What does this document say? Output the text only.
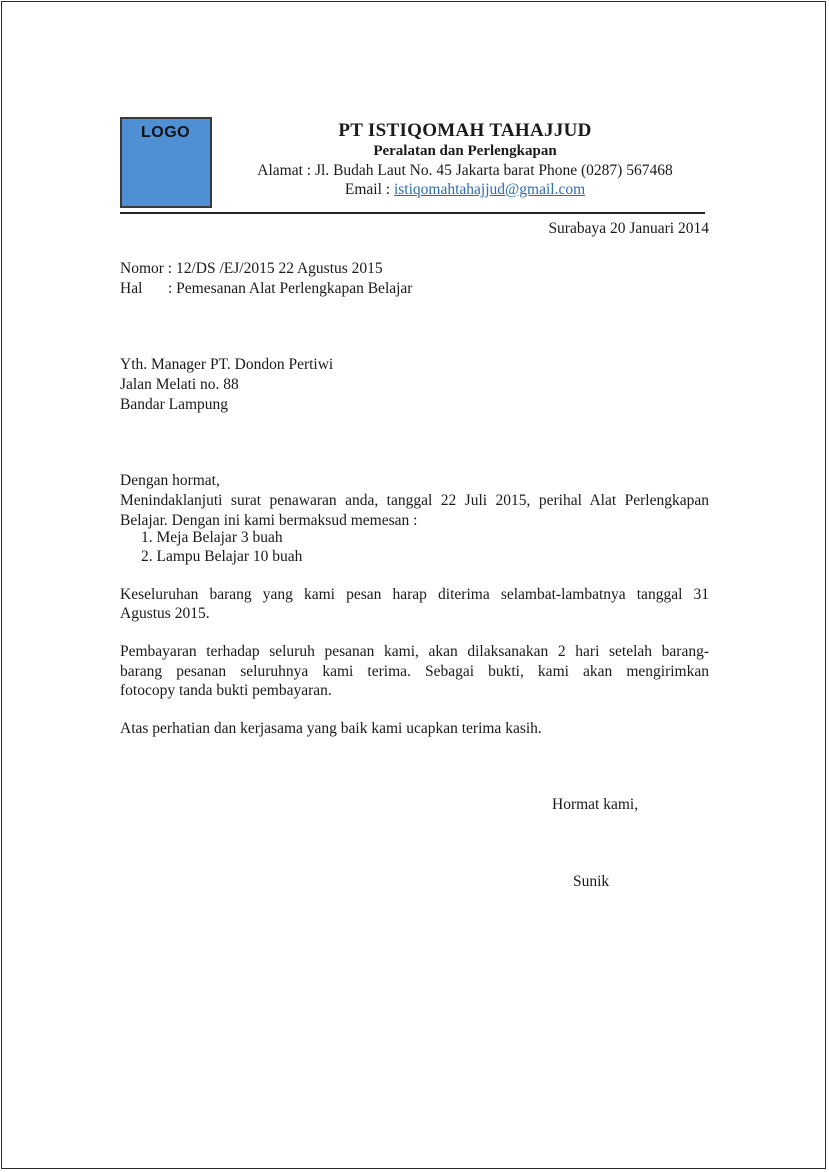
LOGO	PT ISTIQOMAH TAHAJJUD
Peralatan dan Perlengkapan
Alamat : Jl. Budah Laut No. 45 Jakarta barat Phone (0287) 567468
Email : istiqomahtahajjud@gmail.com
Surabaya 20 Januari 2014
Nomor : 12/DS /EJ/2015 22 Agustus 2015
Hal : Pemesanan Alat Perlengkapan Belajar
Yth. Manager PT. Dondon Pertiwi
Jalan Melati no. 88
Bandar Lampung
Dengan hormat,
Menindaklanjuti surat penawaran anda, tanggal 22 Juli 2015, perihal Alat Perlengkapan
Belajar. Dengan ini kami bermaksud memesan :
1. Meja Belajar 3 buah
2. Lampu Belajar 10 buah
Keseluruhan barang yang kami pesan harap diterima selambat-lambatnya tanggal 31
Agustus 2015.
Pembayaran terhadap seluruh pesanan kami, akan dilaksanakan 2 hari setelah barang-
barang pesanan seluruhnya kami terima. Sebagai bukti, kami akan mengirimkan
fotocopy tanda bukti pembayaran.
Atas perhatian dan kerjasama yang baik kami ucapkan terima kasih.
Hormat kami,
Sunik
